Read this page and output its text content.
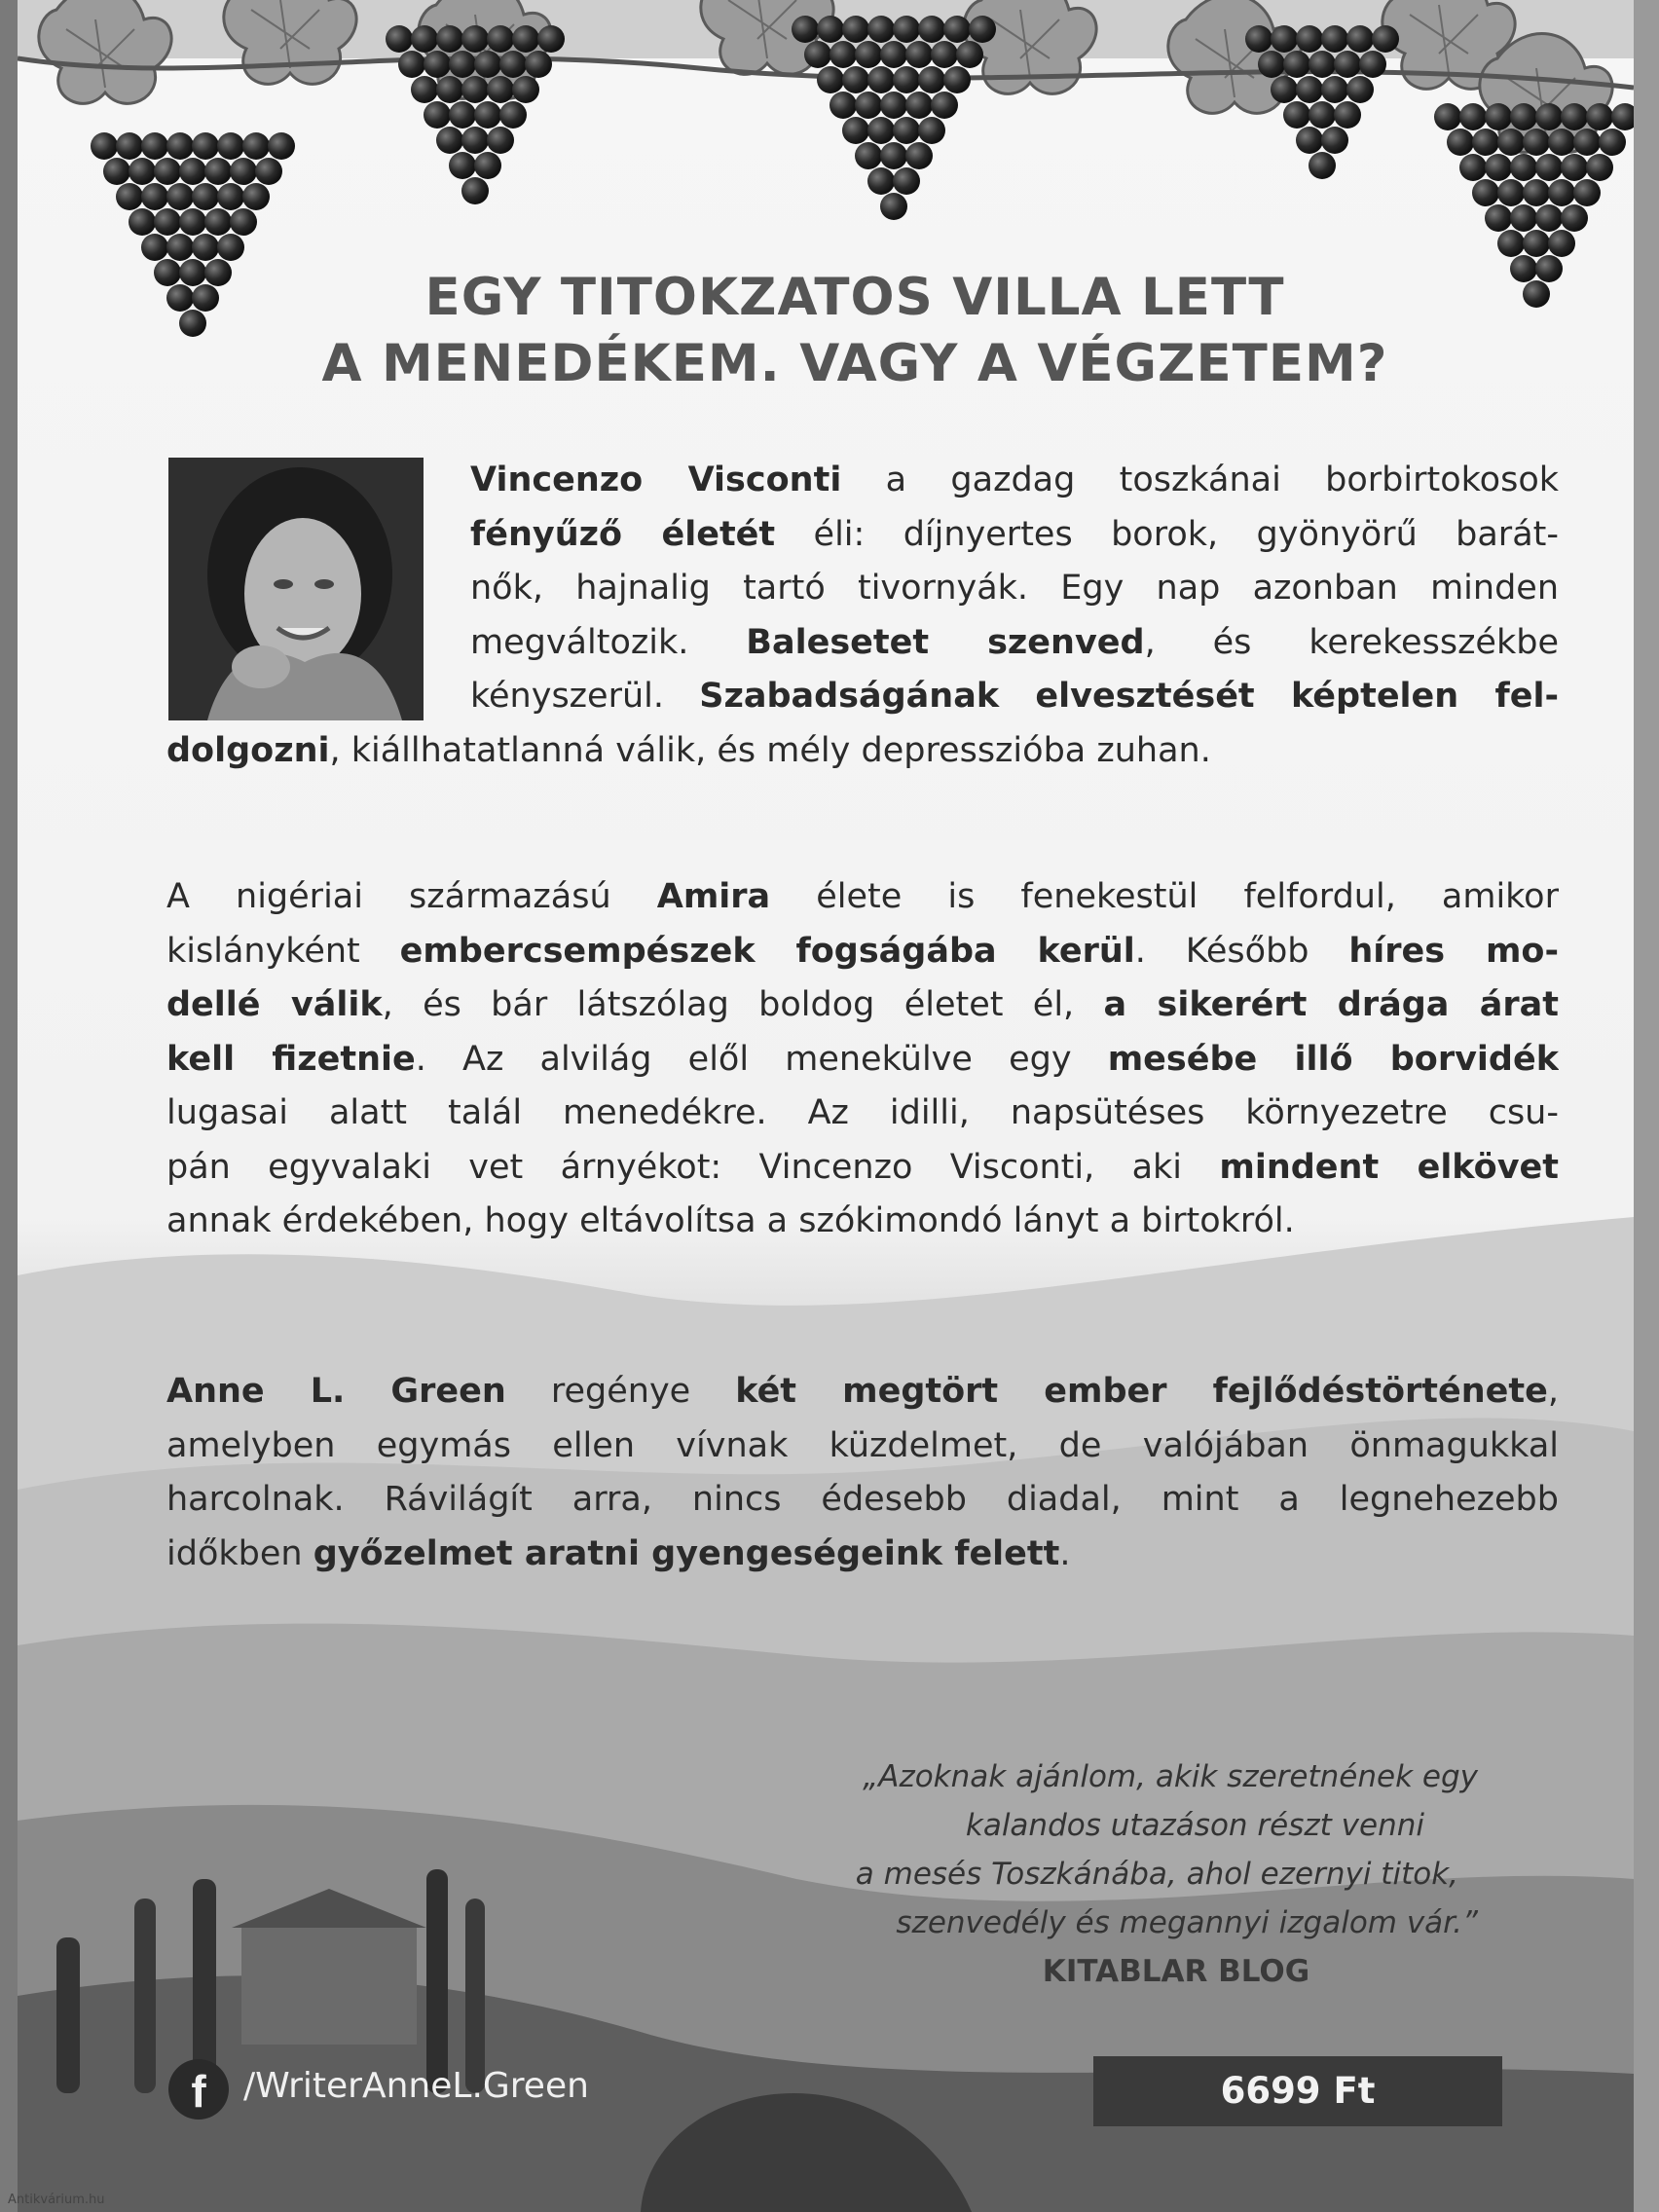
EGY TITOKZATOS VILLA LETT
A MENEDÉKEM. VAGY A VÉGZETEM?
Vincenzo Visconti a gazdag toszkánai borbirtokosok
fényűző életét éli: díjnyertes borok, gyönyörű barát-
nők, hajnalig tartó tivornyák. Egy nap azonban minden
megváltozik. Balesetet szenved, és kerekesszékbe
kényszerül. Szabadságának elvesztését képtelen fel-
dolgozni, kiállhatatlanná válik, és mély depresszióba zuhan.
A nigériai származású Amira élete is fenekestül felfordul, amikor
kislányként embercsempészek fogságába kerül. Később híres mo-
dellé válik, és bár látszólag boldog életet él, a sikerért drága árat
kell fizetnie. Az alvilág elől menekülve egy mesébe illő borvidék
lugasai alatt talál menedékre. Az idilli, napsütéses környezetre csu-
pán egyvalaki vet árnyékot: Vincenzo Visconti, aki mindent elkövet
annak érdekében, hogy eltávolítsa a szókimondó lányt a birtokról.
Anne L. Green regénye két megtört ember fejlődéstörténete,
amelyben egymás ellen vívnak küzdelmet, de valójában önmagukkal
harcolnak. Rávilágít arra, nincs édesebb diadal, mint a legnehezebb
időkben győzelmet aratni gyengeségeink felett.
„Azoknak ajánlom, akik szeretnének egy
kalandos utazáson részt venni
a mesés Toszkánába, ahol ezernyi titok,
szenvedély és megannyi izgalom vár.”
KITABLAR BLOG
f	/WriterAnneL.Green	6699 Ft
Antikvárium.hu
